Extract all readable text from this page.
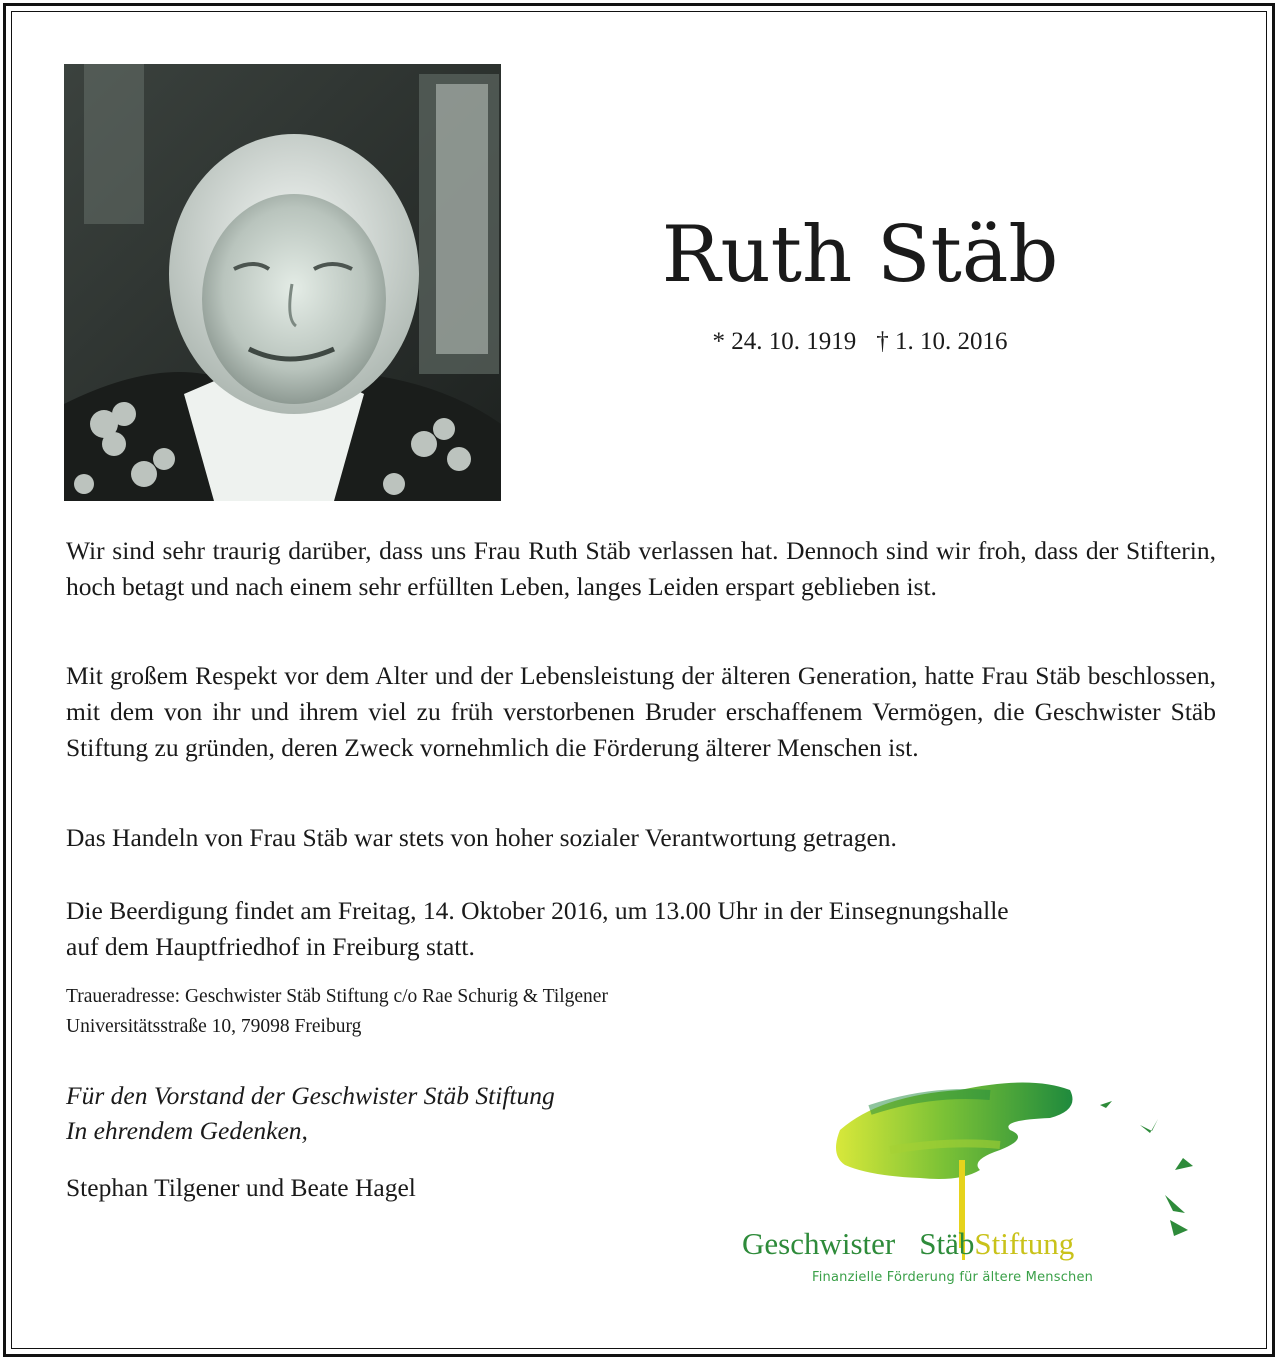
Ruth Stäb
* 24. 10. 1919 † 1. 10. 2016

Wir sind sehr traurig darüber, dass uns Frau Ruth Stäb verlassen hat. Dennoch sind wir froh, dass der Stifterin, hoch betagt und nach einem sehr erfüllten Leben, langes Leiden erspart geblieben ist.

Mit großem Respekt vor dem Alter und der Lebensleistung der älteren Generation, hatte Frau Stäb beschlossen, mit dem von ihr und ihrem viel zu früh verstorbenen Bruder erschaffenem Vermögen, die Geschwister Stäb Stiftung zu gründen, deren Zweck vornehmlich die Förderung älterer Menschen ist.

Das Handeln von Frau Stäb war stets von hoher sozialer Verantwortung getragen.

Die Beerdigung findet am Freitag, 14. Oktober 2016, um 13.00 Uhr in der Einsegnungshalle
auf dem Hauptfriedhof in Freiburg statt.
Traueradresse: Geschwister Stäb Stiftung c/o Rae Schurig & Tilgener
Universitätsstraße 10, 79098 Freiburg
Für den Vorstand der Geschwister Stäb Stiftung
In ehrendem Gedenken,
Stephan Tilgener und Beate Hagel
Geschwister StäbStiftung
Finanzielle Förderung für ältere Menschen
